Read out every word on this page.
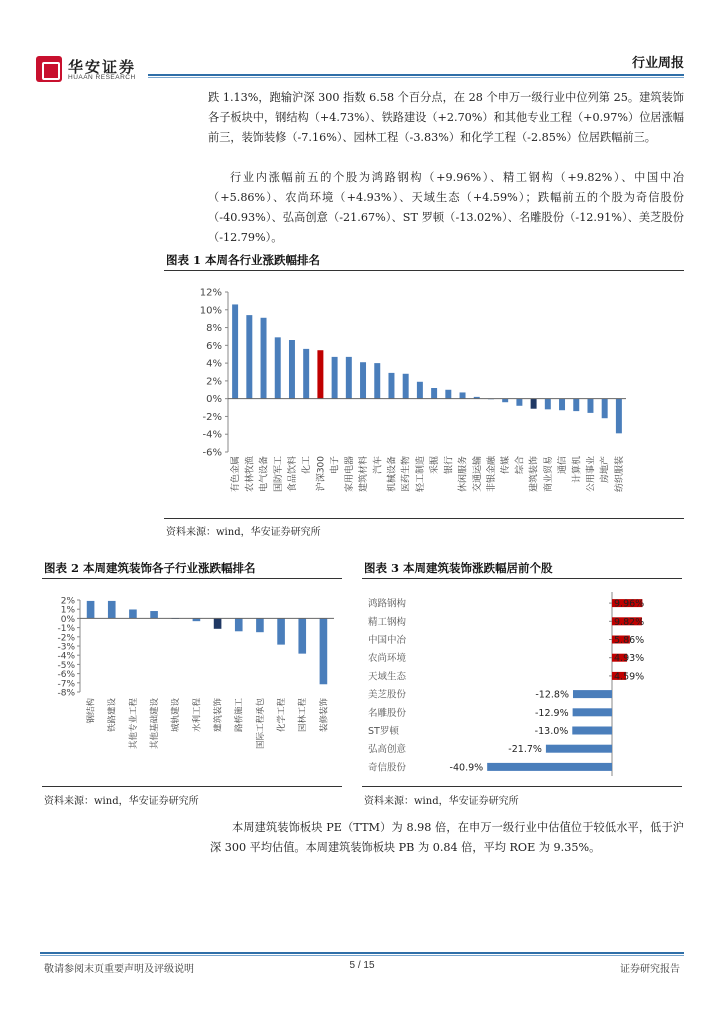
华安证券
HUAAN RESEARCH
行业周报
跌 1.13%，跑输沪深 300 指数 6.58 个百分点，在 28 个申万一级行业中位列第 25。建筑装饰各子板块中，钢结构（+4.73%）、铁路建设（+2.70%）和其他专业工程（+0.97%）位居涨幅前三，装饰装修（-7.16%）、园林工程（-3.83%）和化学工程（-2.85%）位居跌幅前三。
行业内涨幅前五的个股为鸿路钢构（+9.96%）、精工钢构（+9.82%）、中国中冶（+5.86%）、农尚环境（+4.93%）、天域生态（+4.59%）；跌幅前五的个股为奇信股份（-40.93%）、弘高创意（-21.67%）、ST 罗顿（-13.02%）、名雕股份（-12.91%）、美芝股份（-12.79%）。
图表 1 本周各行业涨跌幅排名
-6%
-4%
-2%
0%
2%
4%
6%
8%
10%
12%
有色金属 农林牧渔 电气设备 国防军工 食品饮料 化工 沪深300 电子 家用电器 建筑材料 汽车 机械设备 医药生物 轻工制造 采掘 银行 休闲服务 交通运输 非银金融 传媒 综合 建筑装饰 商业贸易 通信 计算机 公用事业 房地产 纺织服装
资料来源：wind，华安证券研究所
图表 2 本周建筑装饰各子行业涨跌幅排名
-8%
-7%
-6%
-5%
-4%
-3%
-2%
-1%
0%
1%
2%
钢结构 铁路建设 其他专业工程 其他基础建设 城轨建设 水利工程 建筑装饰 路桥施工 国际工程承包 化学工程 园林工程 装修装饰
资料来源：wind，华安证券研究所
图表 3 本周建筑装饰涨跌幅居前个股
鸿路钢构	9.96%
精工钢构	9.82%
中国中冶	5.86%
农尚环境	4.93%
天域生态	4.59%
美芝股份	-12.8%
名雕股份	-12.9%
ST罗顿	-13.0%
弘高创意	-21.7%
奇信股份	-40.9%
资料来源：wind，华安证券研究所
本周建筑装饰板块 PE（TTM）为 8.98 倍，在申万一级行业中估值位于较低水平，低于沪深 300 平均估值。本周建筑装饰板块 PB 为 0.84 倍，平均 ROE 为 9.35%。
敬请参阅末页重要声明及评级说明	5 / 15	证券研究报告
